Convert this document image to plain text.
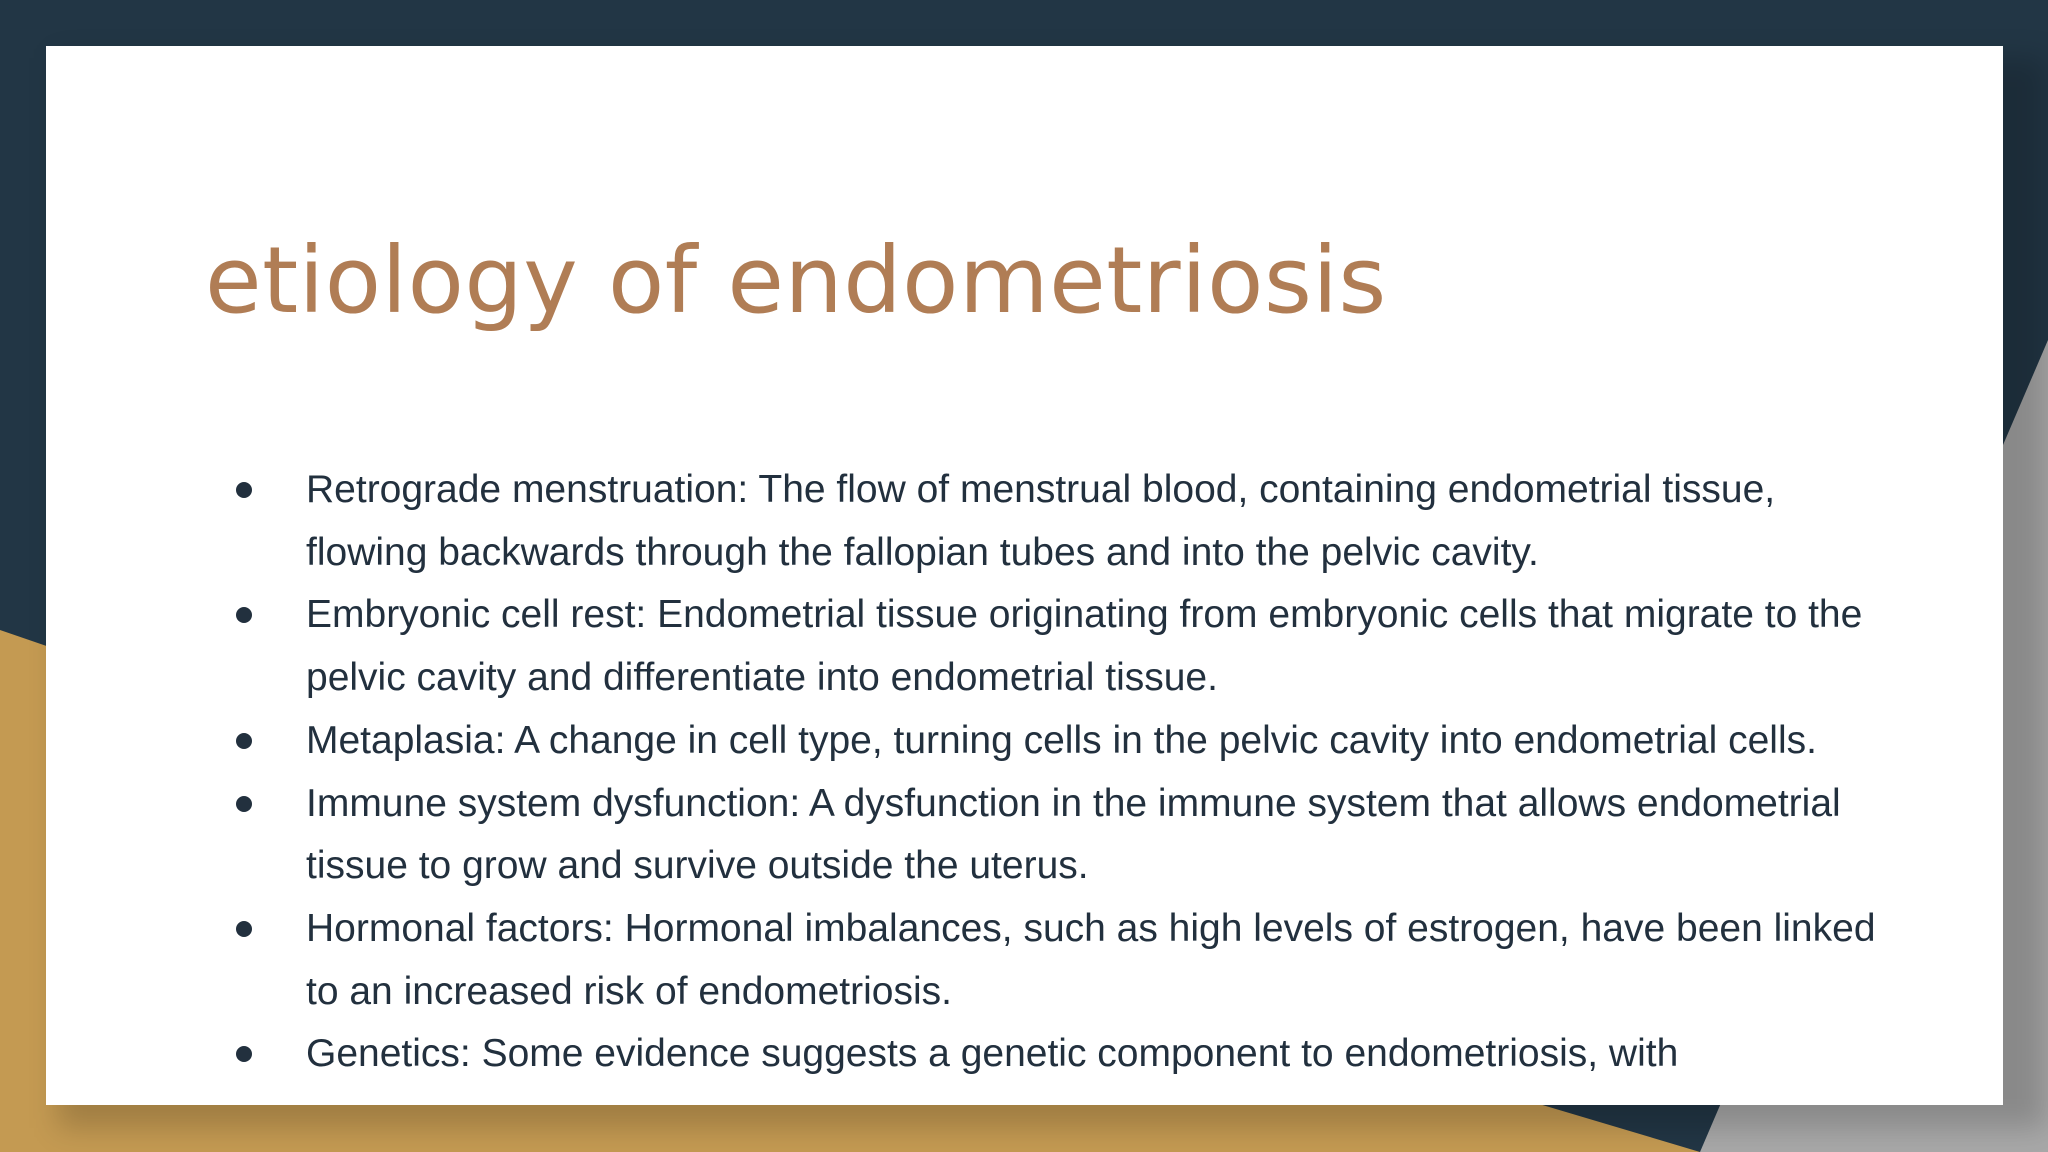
etiology of endometriosis
Retrograde menstruation: The flow of menstrual blood, containing endometrial tissue, flowing backwards through the fallopian tubes and into the pelvic cavity.
Embryonic cell rest: Endometrial tissue originating from embryonic cells that migrate to the pelvic cavity and differentiate into endometrial tissue.
Metaplasia: A change in cell type, turning cells in the pelvic cavity into endometrial cells.
Immune system dysfunction: A dysfunction in the immune system that allows endometrial tissue to grow and survive outside the uterus.
Hormonal factors: Hormonal imbalances, such as high levels of estrogen, have been linked to an increased risk of endometriosis.
Genetics: Some evidence suggests a genetic component to endometriosis, with
